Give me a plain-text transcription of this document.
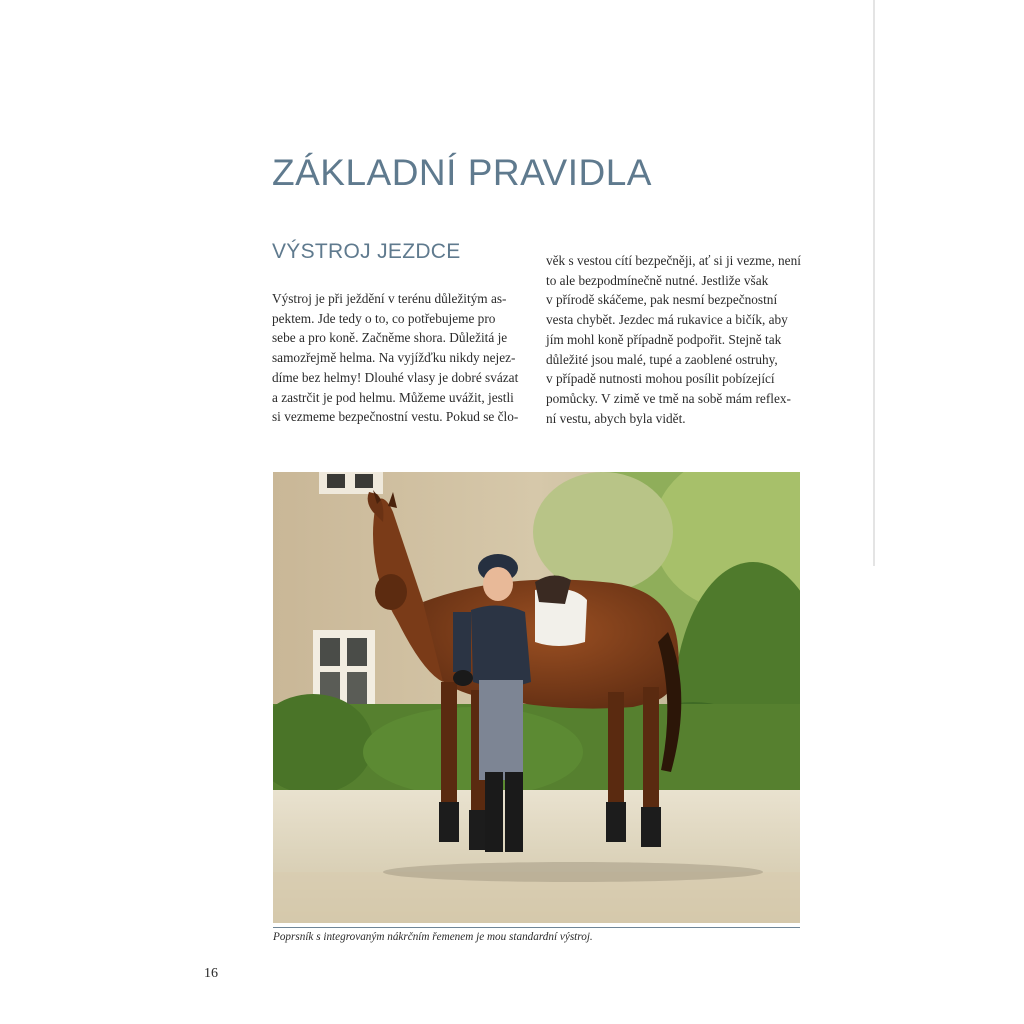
ZÁKLADNÍ PRAVIDLA
VÝSTROJ JEZDCE
Výstroj je při ježdění v terénu důležitým as-
pektem. Jde tedy o to, co potřebujeme pro
sebe a pro koně. Začněme shora. Důležitá je
samozřejmě helma. Na vyjížďku nikdy nejez-
díme bez helmy! Dlouhé vlasy je dobré svázat
a zastrčit je pod helmu. Můžeme uvážit, jestli
si vezmeme bezpečnostní vestu. Pokud se člo-
věk s vestou cítí bezpečněji, ať si ji vezme, není
to ale bezpodmínečně nutné. Jestliže však
v přírodě skáčeme, pak nesmí bezpečnostní
vesta chybět. Jezdec má rukavice a bičík, aby
jím mohl koně případně podpořit. Stejně tak
důležité jsou malé, tupé a zaoblené ostruhy,
v případě nutnosti mohou posílit pobízející
pomůcky. V zimě ve tmě na sobě mám reflex-
ní vestu, abych byla vidět.
Poprsník s integrovaným nákrčním řemenem je mou standardní výstroj.
16
